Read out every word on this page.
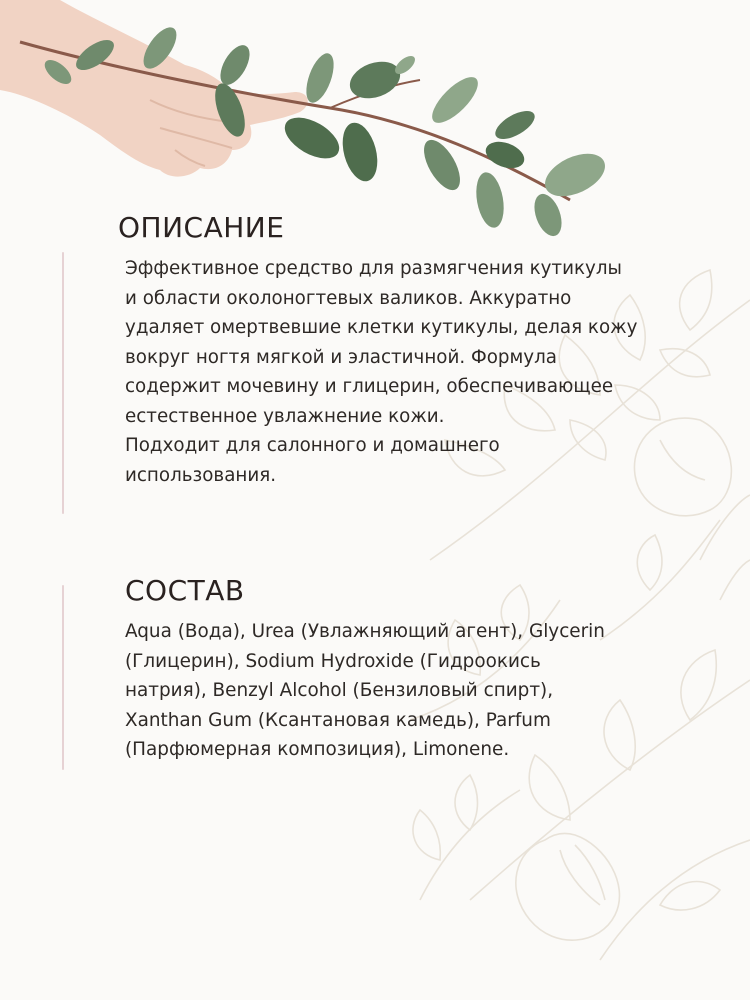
ОПИСАНИЕ

Эффективное средство для размягчения кутикулы
и области околоногтевых валиков. Аккуратно
удаляет омертвевшие клетки кутикулы, делая кожу
вокруг ногтя мягкой и эластичной. Формула
содержит мочевину и глицерин, обеспечивающее
естественное увлажнение кожи.
Подходит для салонного и домашнего
использования.

СОСТАВ

Aqua (Вода), Urea (Увлажняющий агент), Glycerin
(Глицерин), Sodium Hydroxide (Гидроокись
натрия), Benzyl Alcohol (Бензиловый спирт),
Xanthan Gum (Ксантановая камедь), Parfum
(Парфюмерная композиция), Limonene.
